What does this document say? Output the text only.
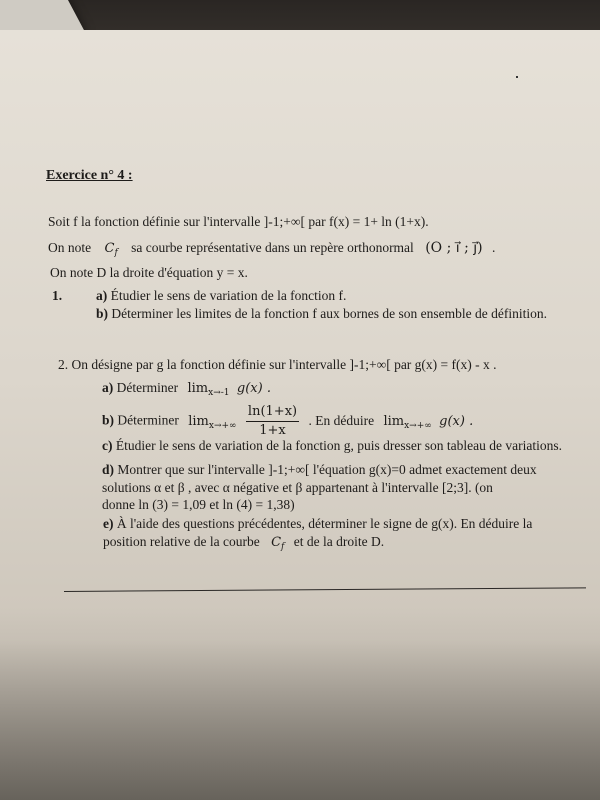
Exercice n° 4 :
Soit f la fonction définie sur l'intervalle ]-1;+∞[ par f(x) = 1+ ln (1+x).
On note $C_f$ sa courbe représentative dans un repère orthonormal (O ; i⃗ ; j⃗) .
On note D la droite d'équation y = x.
1.	a) Étudier le sens de variation de la fonction f.
b) Déterminer les limites de la fonction f aux bornes de son ensemble de définition.
2. On désigne par g la fonction définie sur l'intervalle ]-1;+∞[ par g(x) = f(x) - x .
a) Déterminer $\lim_{x\to-1} g(x)$ .
b) Déterminer $\lim_{x\to+\infty} \frac{\ln(1+x)}{1+x}$ . En déduire $\lim_{x\to+\infty} g(x)$ .
c) Étudier le sens de variation de la fonction g, puis dresser son tableau de variations.
d) Montrer que sur l'intervalle ]-1;+∞[ l'équation g(x)=0 admet exactement deux
solutions α et β , avec α négative et β appartenant à l'intervalle [2;3]. (on
donne ln (3) = 1,09 et ln (4) = 1,38)
e) À l'aide des questions précédentes, déterminer le signe de g(x). En déduire la
position relative de la courbe $C_f$ et de la droite D.
